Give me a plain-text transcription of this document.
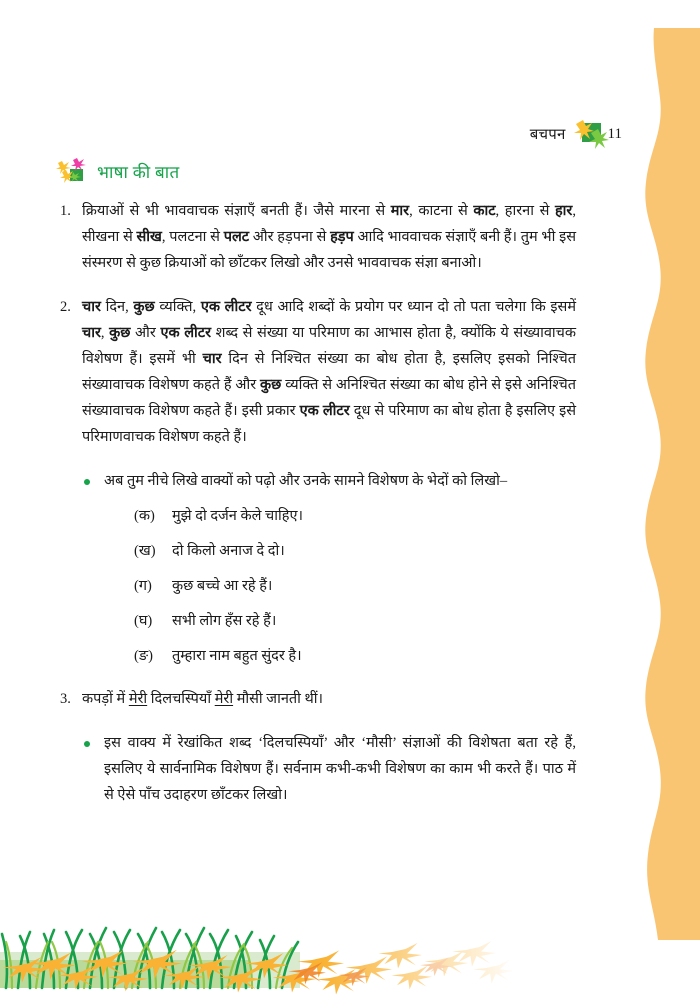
बचपन	11
भाषा की बात
1. क्रियाओं से भी भाववाचक संज्ञाएँ बनती हैं। जैसे मारना से मार, काटना से काट, हारना से हार, सीखना से सीख, पलटना से पलट और हड़पना से हड़प आदि भाववाचक संज्ञाएँ बनी हैं। तुम भी इस संस्मरण से कुछ क्रियाओं को छाँटकर लिखो और उनसे भाववाचक संज्ञा बनाओ।
2. चार दिन, कुछ व्यक्ति, एक लीटर दूध आदि शब्दों के प्रयोग पर ध्यान दो तो पता चलेगा कि इसमें चार, कुछ और एक लीटर शब्द से संख्या या परिमाण का आभास होता है, क्योंकि ये संख्यावाचक विशेषण हैं। इसमें भी चार दिन से निश्चित संख्या का बोध होता है, इसलिए इसको निश्चित संख्यावाचक विशेषण कहते हैं और कुछ व्यक्ति से अनिश्चित संख्या का बोध होने से इसे अनिश्चित संख्यावाचक विशेषण कहते हैं। इसी प्रकार एक लीटर दूध से परिमाण का बोध होता है इसलिए इसे परिमाणवाचक विशेषण कहते हैं।
अब तुम नीचे लिखे वाक्यों को पढ़ो और उनके सामने विशेषण के भेदों को लिखो–
(क)	मुझे दो दर्जन केले चाहिए।
(ख)	दो किलो अनाज दे दो।
(ग)	कुछ बच्चे आ रहे हैं।
(घ)	सभी लोग हँस रहे हैं।
(ङ)	तुम्हारा नाम बहुत सुंदर है।
3. कपड़ों में मेरी दिलचस्पियाँ मेरी मौसी जानती थीं।
इस वाक्य में रेखांकित शब्द ‘दिलचस्पियाँ’ और ‘मौसी’ संज्ञाओं की विशेषता बता रहे हैं, इसलिए ये सार्वनामिक विशेषण हैं। सर्वनाम कभी-कभी विशेषण का काम भी करते हैं। पाठ में से ऐसे पाँच उदाहरण छाँटकर लिखो।
